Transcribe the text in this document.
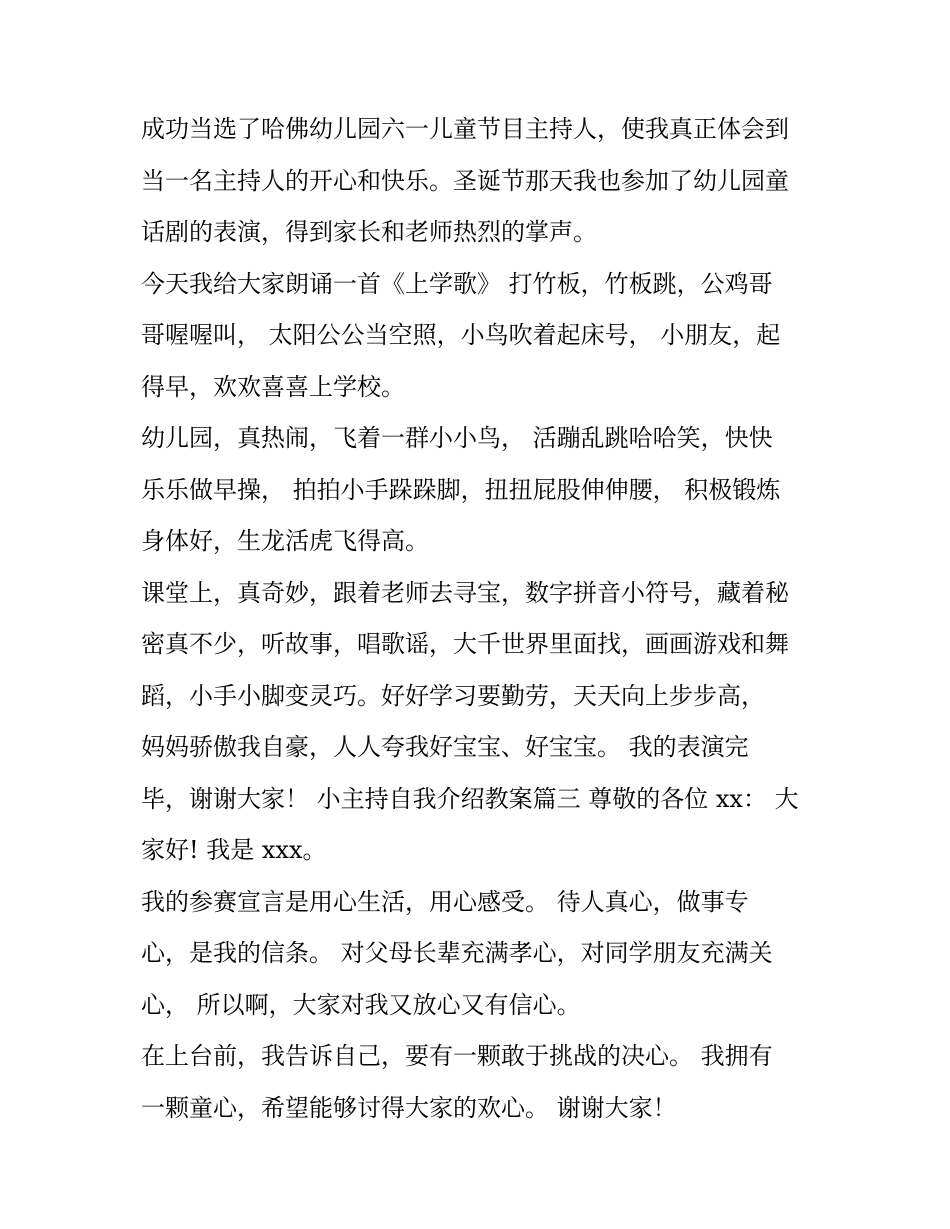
成功当选了哈佛幼儿园六一儿童节目主持人，使我真正体会到
当一名主持人的开心和快乐。圣诞节那天我也参加了幼儿园童
话剧的表演，得到家长和老师热烈的掌声。
今天我给大家朗诵一首《上学歌》 打竹板，竹板跳，公鸡哥
哥喔喔叫， 太阳公公当空照，小鸟吹着起床号， 小朋友，起
得早，欢欢喜喜上学校。
幼儿园，真热闹，飞着一群小小鸟， 活蹦乱跳哈哈笑，快快
乐乐做早操， 拍拍小手跺跺脚，扭扭屁股伸伸腰， 积极锻炼
身体好，生龙活虎飞得高。
课堂上，真奇妙，跟着老师去寻宝，数字拼音小符号，藏着秘
密真不少，听故事，唱歌谣，大千世界里面找，画画游戏和舞
蹈，小手小脚变灵巧。好好学习要勤劳，天天向上步步高，
妈妈骄傲我自豪，人人夸我好宝宝、好宝宝。 我的表演完
毕，谢谢大家！ 小主持自我介绍教案篇三 尊敬的各位 xx： 大
家好! 我是 xxx。
我的参赛宣言是用心生活，用心感受。 待人真心，做事专
心，是我的信条。 对父母长辈充满孝心，对同学朋友充满关
心， 所以啊，大家对我又放心又有信心。
在上台前，我告诉自己，要有一颗敢于挑战的决心。 我拥有
一颗童心，希望能够讨得大家的欢心。 谢谢大家！
